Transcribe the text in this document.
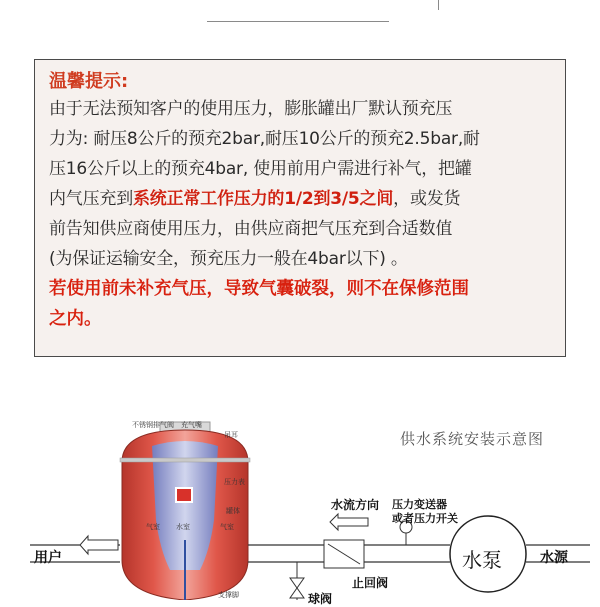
温馨提示:

由于无法预知客户的使用压力，膨胀罐出厂默认预充压

力为: 耐压8公斤的预充2bar,耐压10公斤的预充2.5bar,耐

压16公斤以上的预充4bar, 使用前用户需进行补气，把罐

内气压充到系统正常工作压力的1/2到3/5之间，或发货

前告知供应商使用压力，由供应商把气压充到合适数值

(为保证运输安全，预充压力一般在4bar以下) 。

若使用前未补充气压，导致气囊破裂，则不在保修范围

之内。

供水系统安装示意图
不锈钢排气阀 充气嘴
吊耳
压力表
罐体
气室 水室	气室
支撑脚
用户
水流方向 压力变送器
或者压力开关
水泵	水源
止回阀
球阀
